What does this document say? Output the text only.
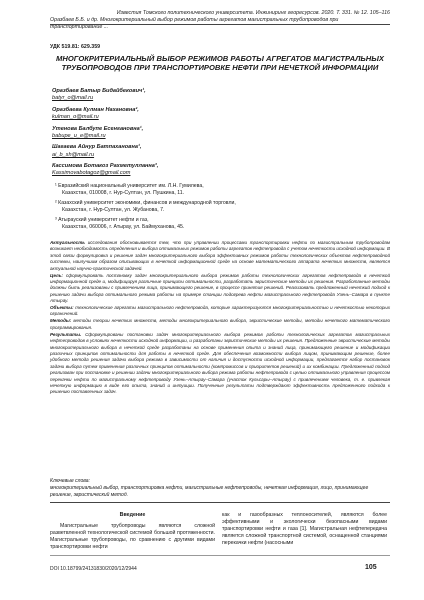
Известия Томского политехнического университета. Инжиниринг георесурсов. 2020. Т. 331. № 12. 105–116
Оразбаев Б.Б. и др. Многокритериальный выбор режимов работы агрегатов магистральных трубопроводов при транспортирование ...
УДК 519.81: 629.359
МНОГОКРИТЕРИАЛЬНЫЙ ВЫБОР РЕЖИМОВ РАБОТЫ АГРЕГАТОВ МАГИСТРАЛЬНЫХ ТРУБОПРОВОДОВ ПРИ ТРАНСПОРТИРОВКЕ НЕФТИ ПРИ НЕЧЕТКОЙ ИНФОРМАЦИИ
Оразбаев Батыр Бидайбекович¹,
batyr_o@mail.ru
Оразбаева Кулман Нахановна²,
kulman_o@mail.ru
Утенова Балбупе Есенгановна¹,
babupe_u_e@mail.ru
Шагаева Айнур Батпахановна¹,
ai_b_sh@mail.ru
Кассимова Ботакоз Рахметулланна³,
Kassimovabotagoz@gmail.com
¹ Евразийский национальный университет им. Л.Н. Гумилева,
Казахстан, 010008, г. Нур-Султан, ул. Пушкина, 11.
² Казахский университет экономики, финансов и международной торговли,
Казахстан, г. Нур-Султан, ул. Жубанова, 7.
³ Атырауский университет нефти и газ,
Казахстан, 060006, г. Атырау, ул. Баймуханова, 45.

Актуальность исследования обосновывается тем, что при управлении процессами транспортировки нефти по магистральным трубопроводам возникает необходимость определения и выбора оптимальных режимов работы агрегатов нефтепровода с учетом нечеткости исходной информации. В этой связи формулировка и решение задач многокритериального выбора эффективных режимов работы технологических объектов нефтепроводной системы, наилучшим образом описывающих в нечеткой информационной среде на основе математического аппарата нечетких множеств, является актуальной научно-практической задачей.

Цель: сформулировать постановку задач многокритериального выбора режимов работы технологических агрегатов нефтепровода в нечеткой информационной среде и, модифицируя различные принципы оптимальности, разработать эвристические методы их решения. Разработанные методы должны быть реализованы с привлечением лица, принимающего решение, в процессе принятия решений. Реализовать предложенный нечеткий подход к решению задачи выбора оптимального режима работы на примере станции подогрева нефти магистрального нефтепровода Узень–Самара в пункте Атырау.

Объекты: технологические агрегаты магистрального нефтепровода, которые характеризуются многокритериальностью и нечеткостью некоторых ограничений.

Методы: методы теории нечетких множеств, методы многокритериального выбора, эвристические методы, методы нечеткого математического программирования.

Результаты. Сформулированы постановки задач многокритериального выбора режимов работы технологических агрегатов магистральных нефтепроводов в условиях нечеткости исходной информации, и разработаны эвристические методы их решения. Предложенные эвристические методы многокритериального выбора в нечеткой среде разработаны на основе применения опыта и знаний лица, принимающего решение и модификации различных принципов оптимальности для работы в нечеткой среде. Для обеспечения возможности выбора лицом, принимающим решение, более удобного метода решения задачи выбора режима в зависимости от наличия и доступности исходной информации, предлагается набор постановок задачи выбора путем применения различных принципов оптимальности (компромиссов и приоритетов решений) и их комбинации. Предложенный подход реализован при постановке и решении задачи многокритериального выбора режима работы нефтепровода с целью оптимального управления процессом перекачки нефти по магистральному нефтепроводу Узень–Атырау–Самара (участок Кульсары–Атырау) с привлечением человека, т. е. привлекая нечеткую информацию в виде его опыта, знаний и интуиции. Полученные результаты подтверждают эффективность предложенного подхода к решению поставленных задач.

Ключевые слова:
многокритериальный выбор, транспортировка нефти, магистральные нефтепроводы, нечеткая информация, лицо, принимающее решение, эвристический метод.
Введение

Магистральные трубопроводы являются сложной разветвленной технологической системой большой протяженности. Магистральные трубопроводы, по сравнению с другими видами транспортировки нефти

как и газообразных теплоносителей, являются более эффективными и экологически безопасными видами транспортировки нефти и газа [1]. Магистральная нефтепередача является сложной транспортной системой, оснащенной станциями перекачки нефти (насосными

DOI 10.18799/24131830/2020/12/2944	105
